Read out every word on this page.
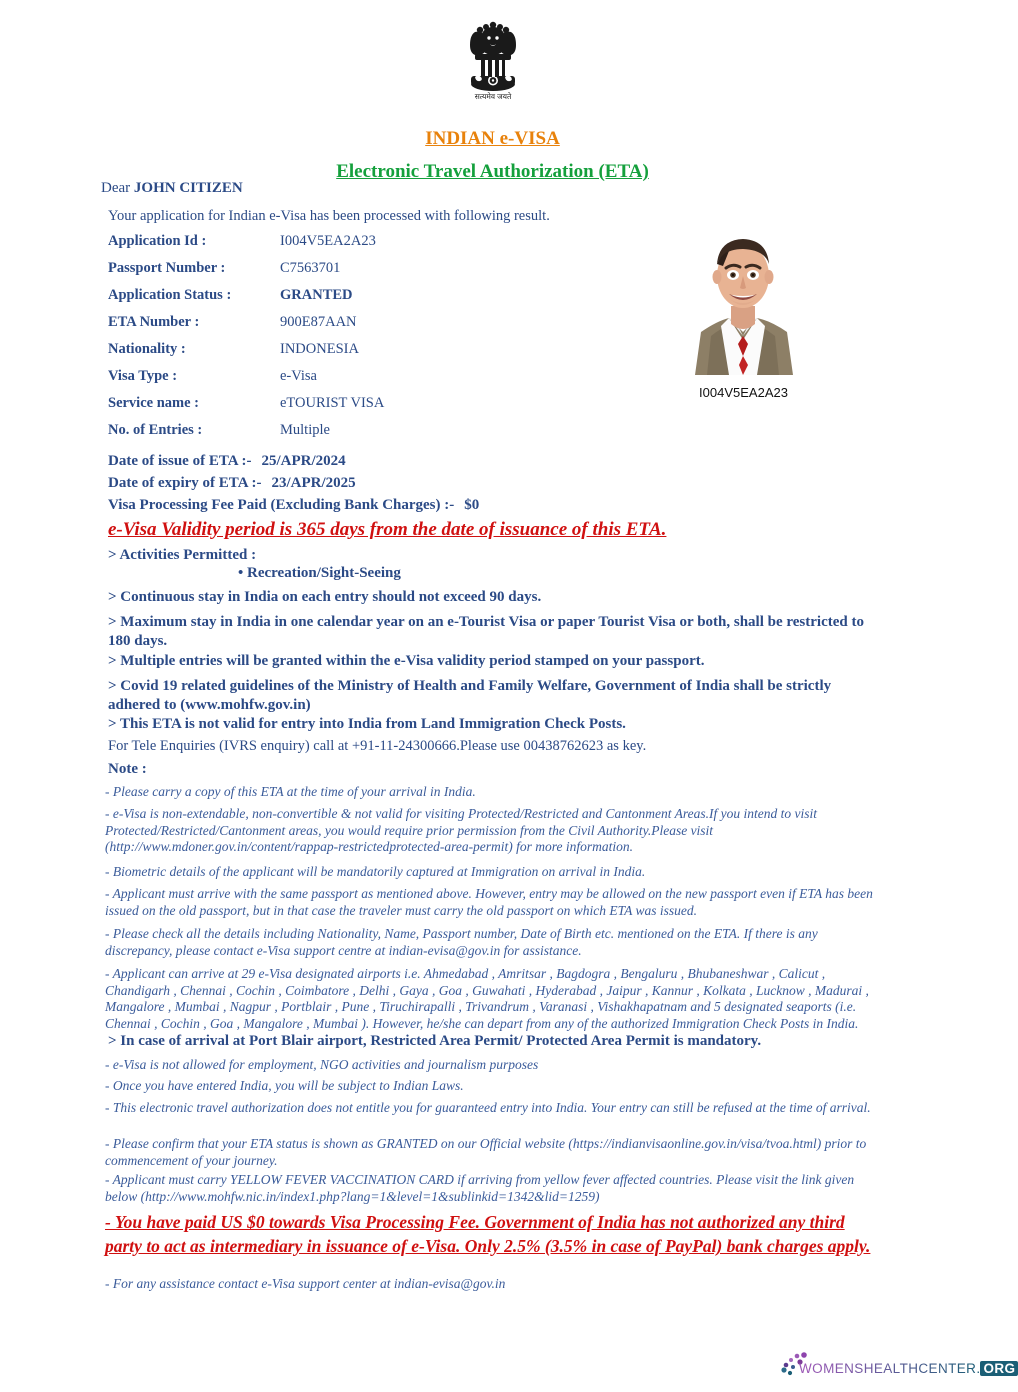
सत्यमेव जयते
INDIAN e-VISA
Electronic Travel Authorization (ETA)
Dear JOHN CITIZEN
Your application for Indian e-Visa has been processed with following result.
Application Id :	I004V5EA2A23
Passport Number :	C7563701
Application Status :	GRANTED
ETA Number :	900E87AAN
Nationality :	INDONESIA
Visa Type :	e-Visa
Service name :	eTOURIST VISA
No. of Entries :	Multiple
I004V5EA2A23
Date of issue of ETA :- 25/APR/2024
Date of expiry of ETA :- 23/APR/2025
Visa Processing Fee Paid (Excluding Bank Charges) :- $0
e-Visa Validity period is 365 days from the date of issuance of this ETA.
> Activities Permitted :
• Recreation/Sight-Seeing
> Continuous stay in India on each entry should not exceed 90 days.
> Maximum stay in India in one calendar year on an e-Tourist Visa or paper Tourist Visa or both, shall be restricted to 180 days.
> Multiple entries will be granted within the e-Visa validity period stamped on your passport.
> Covid 19 related guidelines of the Ministry of Health and Family Welfare, Government of India shall be strictly adhered to (www.mohfw.gov.in)
> This ETA is not valid for entry into India from Land Immigration Check Posts.
For Tele Enquiries (IVRS enquiry) call at +91-11-24300666.Please use 00438762623 as key.
Note :
- Please carry a copy of this ETA at the time of your arrival in India.
- e-Visa is non-extendable, non-convertible & not valid for visiting Protected/Restricted and Cantonment Areas.If you intend to visit Protected/Restricted/Cantonment areas, you would require prior permission from the Civil Authority.Please visit (http://www.mdoner.gov.in/content/rappap-restrictedprotected-area-permit) for more information.
- Biometric details of the applicant will be mandatorily captured at Immigration on arrival in India.
- Applicant must arrive with the same passport as mentioned above. However, entry may be allowed on the new passport even if ETA has been issued on the old passport, but in that case the traveler must carry the old passport on which ETA was issued.
- Please check all the details including Nationality, Name, Passport number, Date of Birth etc. mentioned on the ETA. If there is any discrepancy, please contact e-Visa support centre at indian-evisa@gov.in for assistance.
- Applicant can arrive at 29 e-Visa designated airports i.e. Ahmedabad , Amritsar , Bagdogra , Bengaluru , Bhubaneshwar , Calicut , Chandigarh , Chennai , Cochin , Coimbatore , Delhi , Gaya , Goa , Guwahati , Hyderabad , Jaipur , Kannur , Kolkata , Lucknow , Madurai , Mangalore , Mumbai , Nagpur , Portblair , Pune , Tiruchirapalli , Trivandrum , Varanasi , Vishakhapatnam and 5 designated seaports (i.e. Chennai , Cochin , Goa , Mangalore , Mumbai ). However, he/she can depart from any of the authorized Immigration Check Posts in India.
> In case of arrival at Port Blair airport, Restricted Area Permit/ Protected Area Permit is mandatory.
- e-Visa is not allowed for employment, NGO activities and journalism purposes
- Once you have entered India, you will be subject to Indian Laws.
- This electronic travel authorization does not entitle you for guaranteed entry into India. Your entry can still be refused at the time of arrival.
- Please confirm that your ETA status is shown as GRANTED on our Official website (https://indianvisaonline.gov.in/visa/tvoa.html) prior to commencement of your journey.
- Applicant must carry YELLOW FEVER VACCINATION CARD if arriving from yellow fever affected countries. Please visit the link given below (http://www.mohfw.nic.in/index1.php?lang=1&level=1&sublinkid=1342&lid=1259)
- You have paid US $0 towards Visa Processing Fee. Government of India has not authorized any third party to act as intermediary in issuance of e-Visa. Only 2.5% (3.5% in case of PayPal) bank charges apply.
- For any assistance contact e-Visa support center at indian-evisa@gov.in
WOMENSHEALTHCENTER. ORG
